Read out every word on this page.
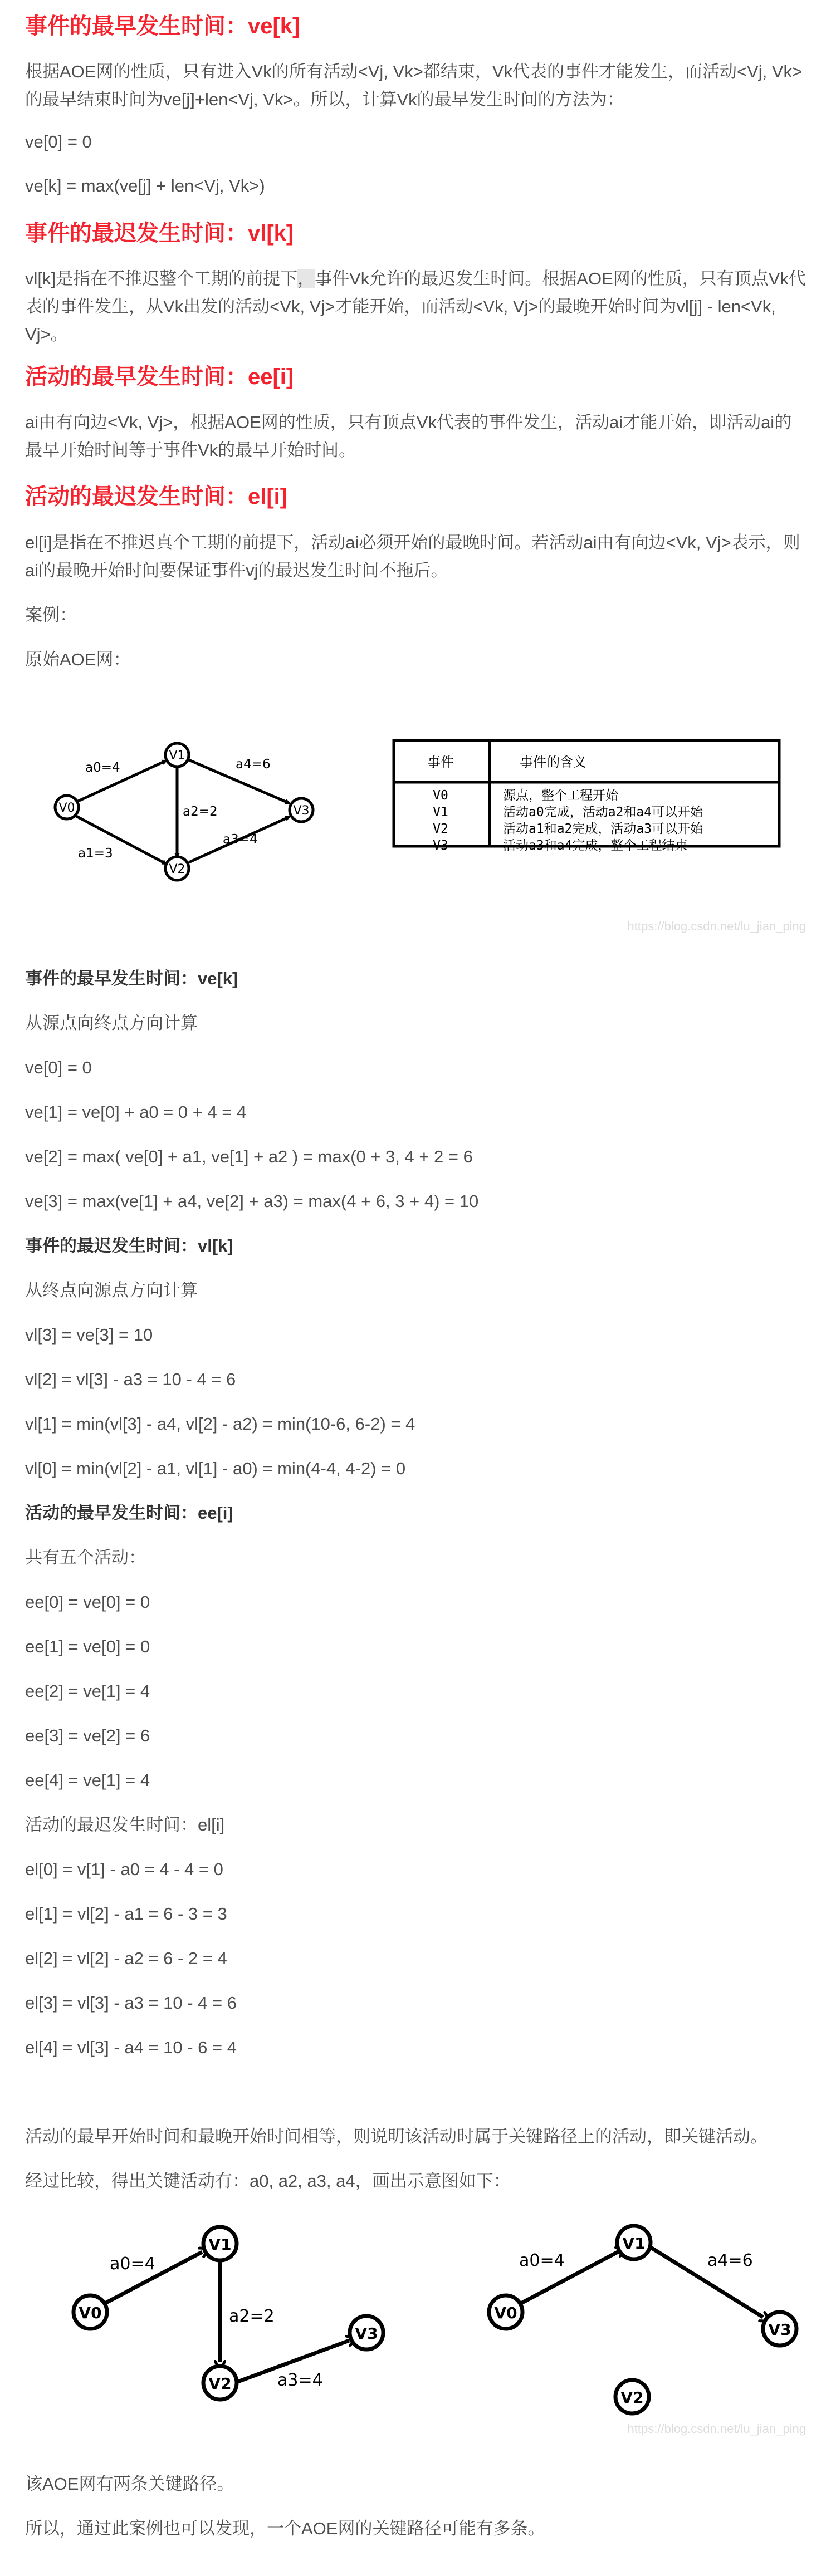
事件的最早发生时间：ve[k]

根据AOE网的性质，只有进入Vk的所有活动<Vj, Vk>都结束，Vk代表的事件才能发生，而活动<Vj, Vk>的最早结束时间为ve[j]+len<Vj, Vk>。所以，计算Vk的最早发生时间的方法为：

ve[0] = 0

ve[k] = max(ve[j] + len<Vj, Vk>)

事件的最迟发生时间：vl[k]

vl[k]是指在不推迟整个工期的前提下，事件Vk允许的最迟发生时间。根据AOE网的性质，只有顶点Vk代表的事件发生，从Vk出发的活动<Vk, Vj>才能开始，而活动<Vk, Vj>的最晚开始时间为vl[j] - len<Vk, Vj>。

活动的最早发生时间：ee[i]

ai由有向边<Vk, Vj>，根据AOE网的性质，只有顶点Vk代表的事件发生，活动ai才能开始，即活动ai的最早开始时间等于事件Vk的最早开始时间。

活动的最迟发生时间：el[i]

el[i]是指在不推迟真个工期的前提下，活动ai必须开始的最晚时间。若活动ai由有向边<Vk, Vj>表示，则ai的最晚开始时间要保证事件vj的最迟发生时间不拖后。

案例：

原始AOE网：

V0
V1
V2
V3
a0=4
a1=3
a2=2
a3=4
a4=6	事件	事件的含义
V0	源点，整个工程开始
V1	活动a0完成，活动a2和a4可以开始
V2	活动a1和a2完成，活动a3可以开始
V3	活动a3和a4完成，整个工程结束
https://blog.csdn.net/lu_jian_ping

事件的最早发生时间：ve[k]

从源点向终点方向计算

ve[0] = 0

ve[1] = ve[0] + a0 = 0 + 4 = 4

ve[2] = max( ve[0] + a1, ve[1] + a2 ) = max(0 + 3, 4 + 2 = 6

ve[3] = max(ve[1] + a4, ve[2] + a3) = max(4 + 6, 3 + 4) = 10

事件的最迟发生时间：vl[k]

从终点向源点方向计算

vl[3] = ve[3] = 10

vl[2] = vl[3] - a3 = 10 - 4 = 6

vl[1] = min(vl[3] - a4, vl[2] - a2) = min(10-6, 6-2) = 4

vl[0] = min(vl[2] - a1, vl[1] - a0) = min(4-4, 4-2) = 0

活动的最早发生时间：ee[i]

共有五个活动：

ee[0] = ve[0] = 0

ee[1] = ve[0] = 0

ee[2] = ve[1] = 4

ee[3] = ve[2] = 6

ee[4] = ve[1] = 4

活动的最迟发生时间：el[i]

el[0] = v[1] - a0 = 4 - 4 = 0

el[1] = vl[2] - a1 = 6 - 3 = 3

el[2] = vl[2] - a2 = 6 - 2 = 4

el[3] = vl[3] - a3 = 10 - 4 = 6

el[4] = vl[3] - a4 = 10 - 6 = 4

活动的最早开始时间和最晚开始时间相等，则说明该活动时属于关键路径上的活动，即关键活动。

经过比较，得出关键活动有：a0, a2, a3, a4，画出示意图如下：

V0
V1
V2
V3
a0=4
a2=2
a3=4
V0
V1
V3
V2
a0=4	a4=6
https://blog.csdn.net/lu_jian_ping

该AOE网有两条关键路径。

所以，通过此案例也可以发现，一个AOE网的关键路径可能有多条。
